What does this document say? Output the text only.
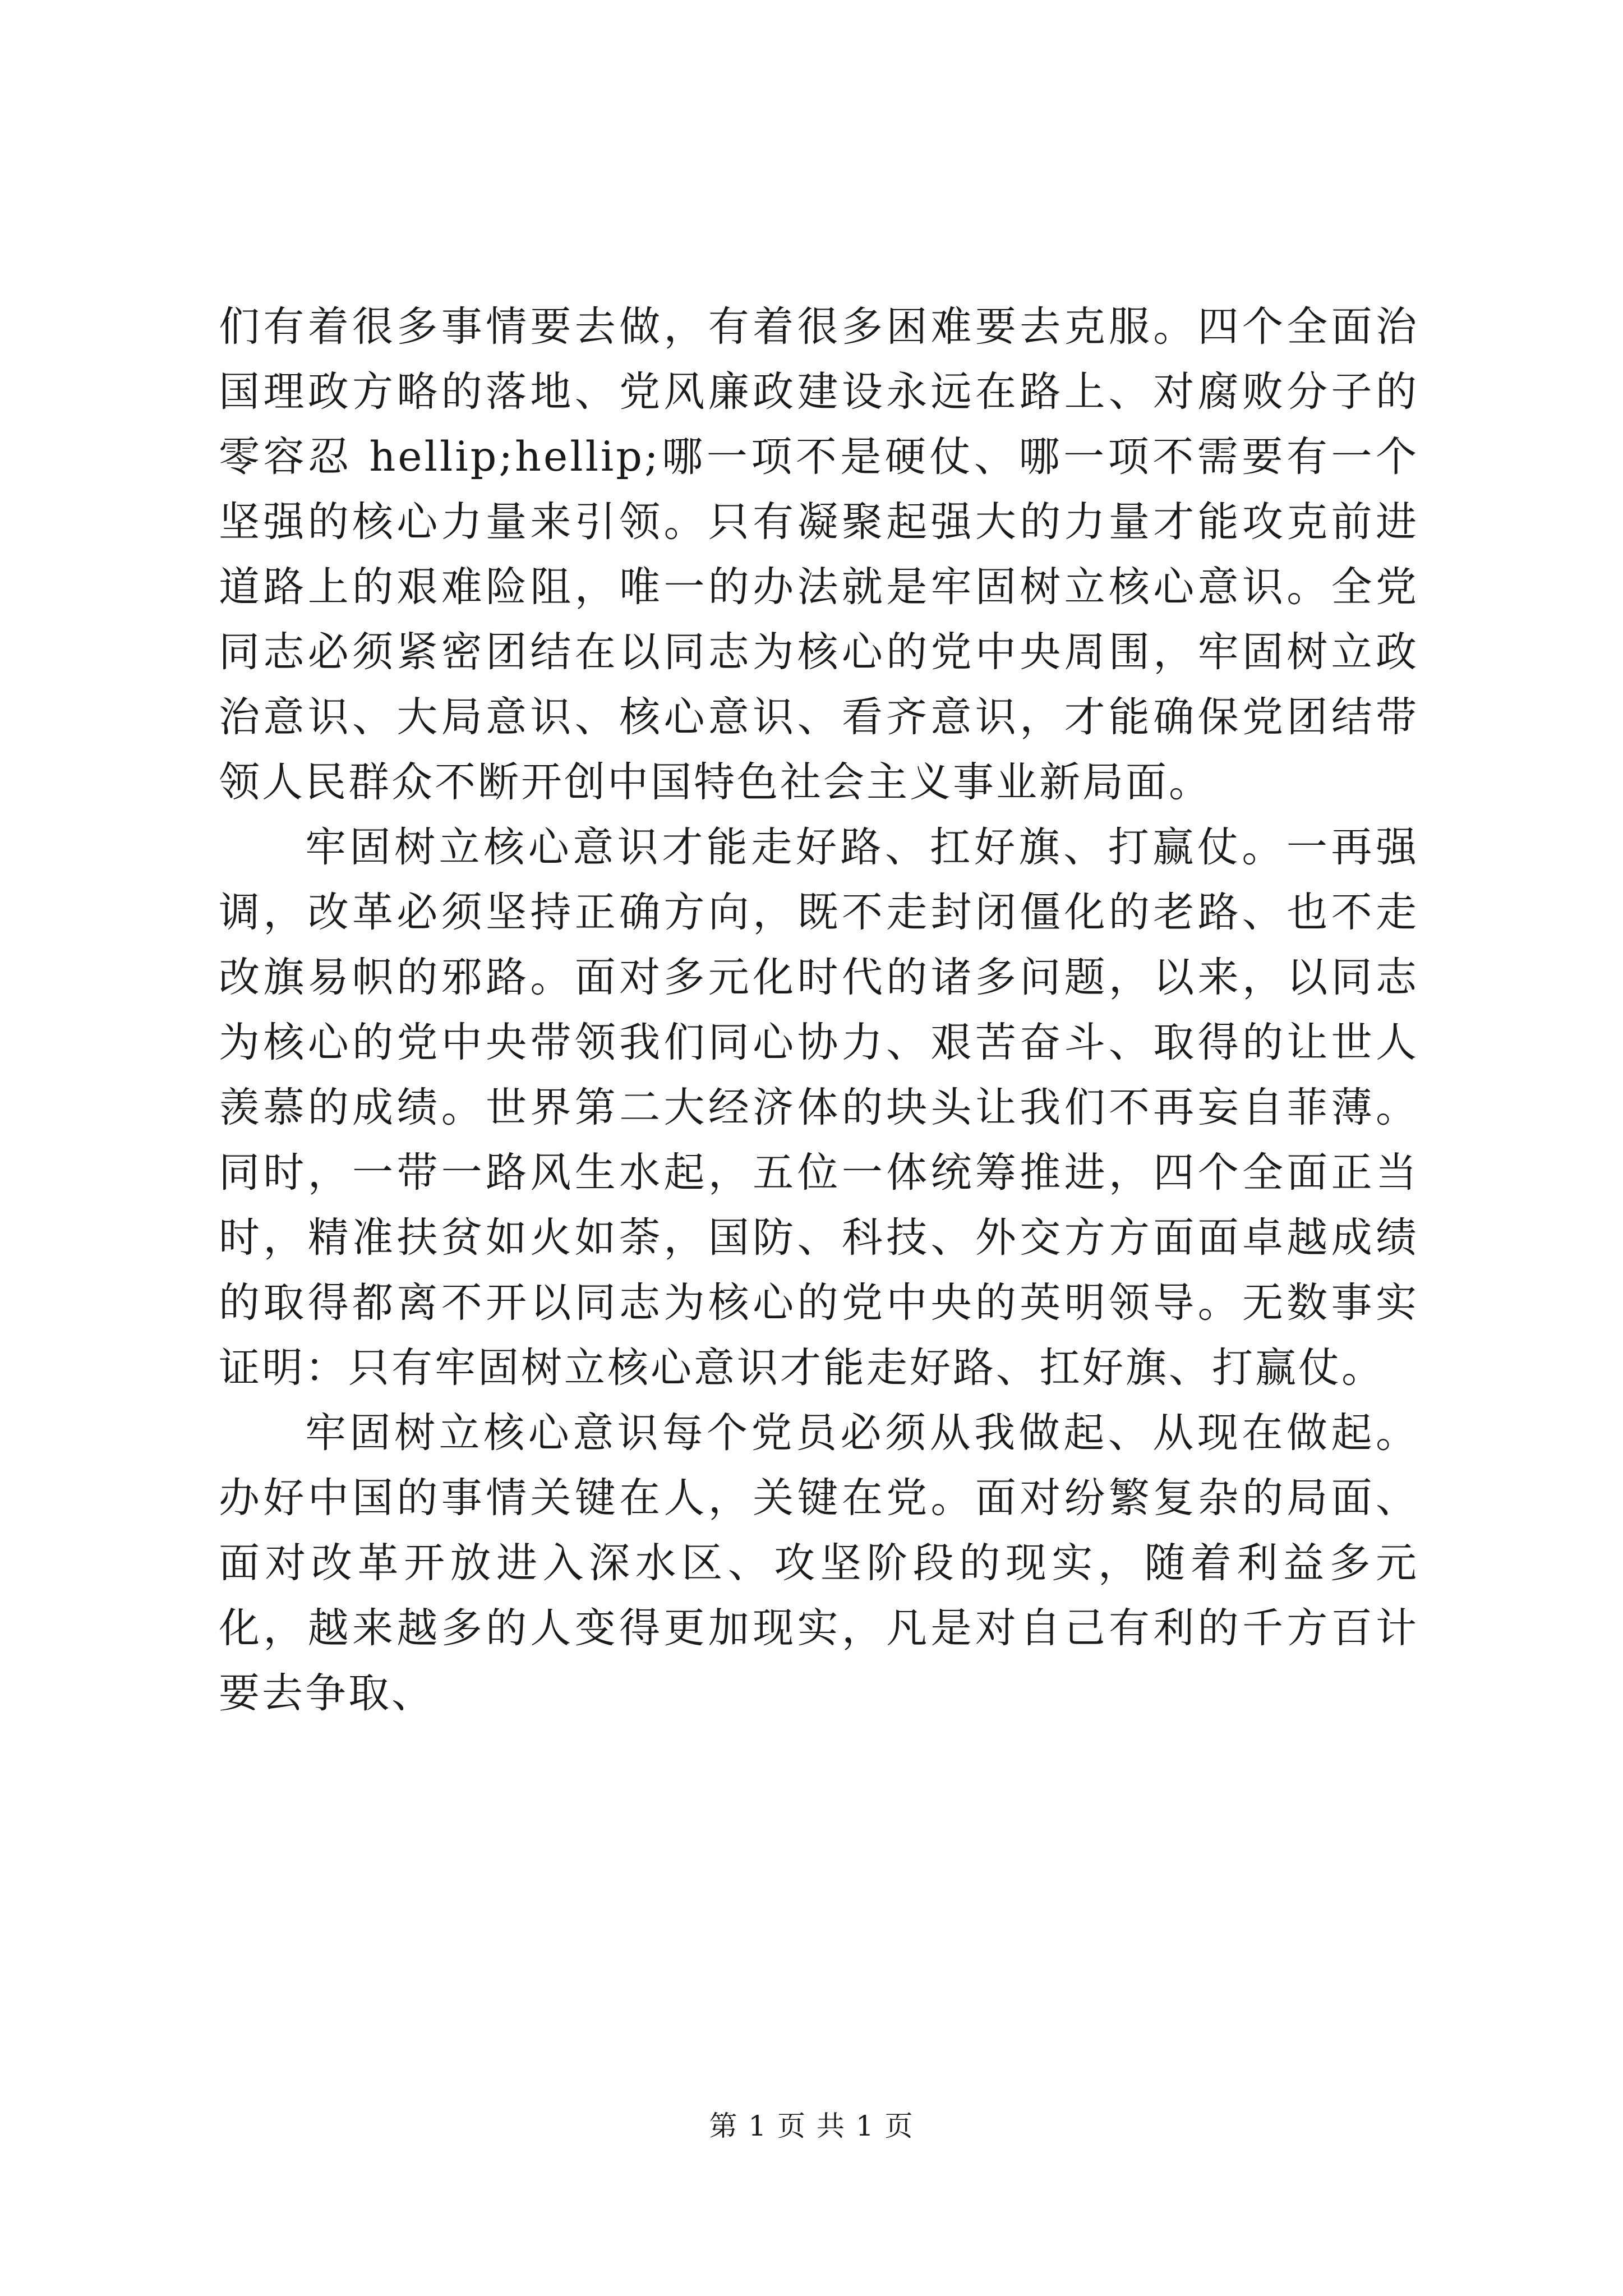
们有着很多事情要去做，有着很多困难要去克服。四个全面治国理政方略的落地、党风廉政建设永远在路上、对腐败分子的零容忍 hellip;hellip;哪一项不是硬仗、哪一项不需要有一个坚强的核心力量来引领。只有凝聚起强大的力量才能攻克前进道路上的艰难险阻，唯一的办法就是牢固树立核心意识。全党同志必须紧密团结在以同志为核心的党中央周围，牢固树立政治意识、大局意识、核心意识、看齐意识，才能确保党团结带领人民群众不断开创中国特色社会主义事业新局面。

牢固树立核心意识才能走好路、扛好旗、打赢仗。一再强调，改革必须坚持正确方向，既不走封闭僵化的老路、也不走改旗易帜的邪路。面对多元化时代的诸多问题，以来，以同志为核心的党中央带领我们同心协力、艰苦奋斗、取得的让世人羡慕的成绩。世界第二大经济体的块头让我们不再妄自菲薄。同时，一带一路风生水起，五位一体统筹推进，四个全面正当时，精准扶贫如火如荼，国防、科技、外交方方面面卓越成绩的取得都离不开以同志为核心的党中央的英明领导。无数事实证明：只有牢固树立核心意识才能走好路、扛好旗、打赢仗。

牢固树立核心意识每个党员必须从我做起、从现在做起。办好中国的事情关键在人，关键在党。面对纷繁复杂的局面、面对改革开放进入深水区、攻坚阶段的现实，随着利益多元化，越来越多的人变得更加现实，凡是对自己有利的千方百计要去争取、

第 1 页 共 1 页
